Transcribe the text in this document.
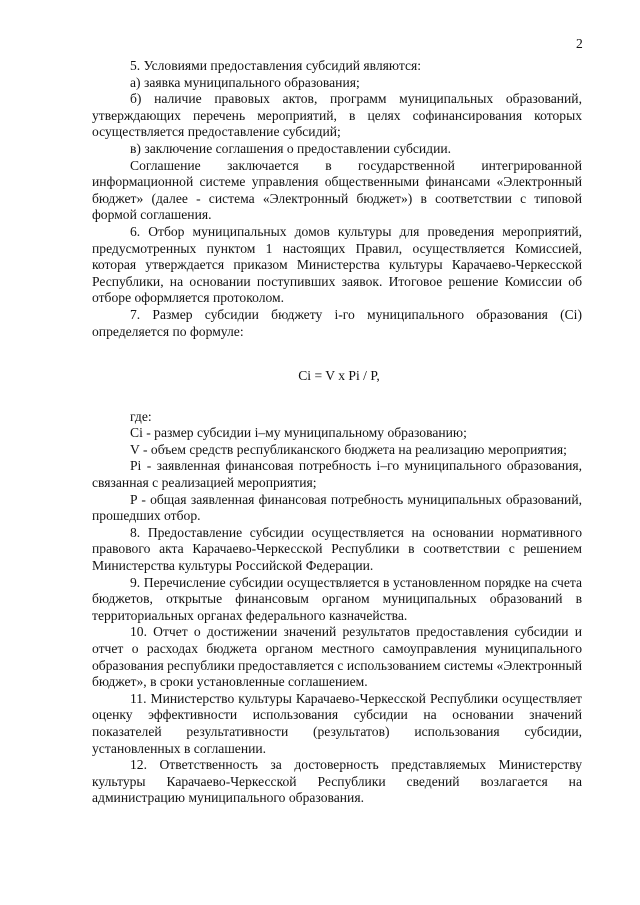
2

5. Условиями предоставления субсидий являются:

а) заявка муниципального образования;

б) наличие правовых актов, программ муниципальных образований, утверждающих перечень мероприятий, в целях софинансирования которых осуществляется предоставление субсидий;

в) заключение соглашения о предоставлении субсидии.

Соглашение заключается в государственной интегрированной информационной системе управления общественными финансами «Электронный бюджет» (далее - система «Электронный бюджет») в соответствии с типовой формой соглашения.

6. Отбор муниципальных домов культуры для проведения мероприятий, предусмотренных пунктом 1 настоящих Правил, осуществляется Комиссией, которая утверждается приказом Министерства культуры Карачаево-Черкесской Республики, на основании поступивших заявок. Итоговое решение Комиссии об отборе оформляется протоколом.

7. Размер субсидии бюджету i-го муниципального образования (Ci) определяется по формуле:

Ci = V x Pi / P,

где:

Ci - размер субсидии i–му муниципальному образованию;

V - объем средств республиканского бюджета на реализацию мероприятия;

Pi - заявленная финансовая потребность i–го муниципального образования, связанная с реализацией мероприятия;

P - общая заявленная финансовая потребность муниципальных образований, прошедших отбор.

8. Предоставление субсидии осуществляется на основании нормативного правового акта Карачаево-Черкесской Республики в соответствии с решением Министерства культуры Российской Федерации.

9. Перечисление субсидии осуществляется в установленном порядке на счета бюджетов, открытые финансовым органом муниципальных образований в территориальных органах федерального казначейства.

10. Отчет о достижении значений результатов предоставления субсидии и отчет о расходах бюджета органом местного самоуправления муниципального образования республики предоставляется с использованием системы «Электронный бюджет», в сроки установленные соглашением.

11. Министерство культуры Карачаево-Черкесской Республики осуществляет оценку эффективности использования субсидии на основании значений показателей результативности (результатов) использования субсидии, установленных в соглашении.

12. Ответственность за достоверность представляемых Министерству культуры Карачаево-Черкесской Республики сведений возлагается на администрацию муниципального образования.
